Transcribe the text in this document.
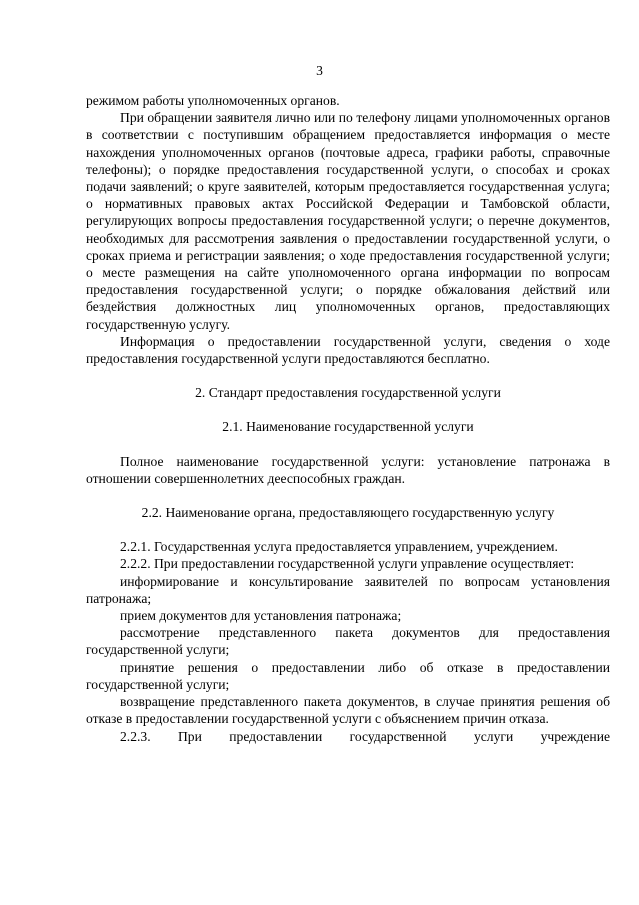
3

режимом работы уполномоченных органов.

При обращении заявителя лично или по телефону лицами уполномоченных органов в соответствии с поступившим обращением предоставляется информация о месте нахождения уполномоченных органов (почтовые адреса, графики работы, справочные телефоны); о порядке предоставления государственной услуги, о способах и сроках подачи заявлений; о круге заявителей, которым предоставляется государственная услуга; о нормативных правовых актах Российской Федерации и Тамбовской области, регулирующих вопросы предоставления государственной услуги; о перечне документов, необходимых для рассмотрения заявления о предоставлении государственной услуги, о сроках приема и регистрации заявления; о ходе предоставления государственной услуги; о месте размещения на сайте уполномоченного органа информации по вопросам предоставления государственной услуги; о порядке обжалования действий или бездействия должностных лиц уполномоченных органов, предоставляющих государственную услугу.

Информация о предоставлении государственной услуги, сведения о ходе предоставления государственной услуги предоставляются бесплатно.

2. Стандарт предоставления государственной услуги

2.1. Наименование государственной услуги

Полное наименование государственной услуги: установление патронажа в отношении совершеннолетних дееспособных граждан.

2.2. Наименование органа, предоставляющего государственную услугу

2.2.1. Государственная услуга предоставляется управлением, учреждением.

2.2.2. При предоставлении государственной услуги управление осуществляет:

информирование и консультирование заявителей по вопросам установления патронажа;

прием документов для установления патронажа;

рассмотрение представленного пакета документов для предоставления государственной услуги;

принятие решения о предоставлении либо об отказе в предоставлении государственной услуги;

возвращение представленного пакета документов, в случае принятия решения об отказе в предоставлении государственной услуги с объяснением причин отказа.

2.2.3. При предоставлении государственной услуги учреждение
